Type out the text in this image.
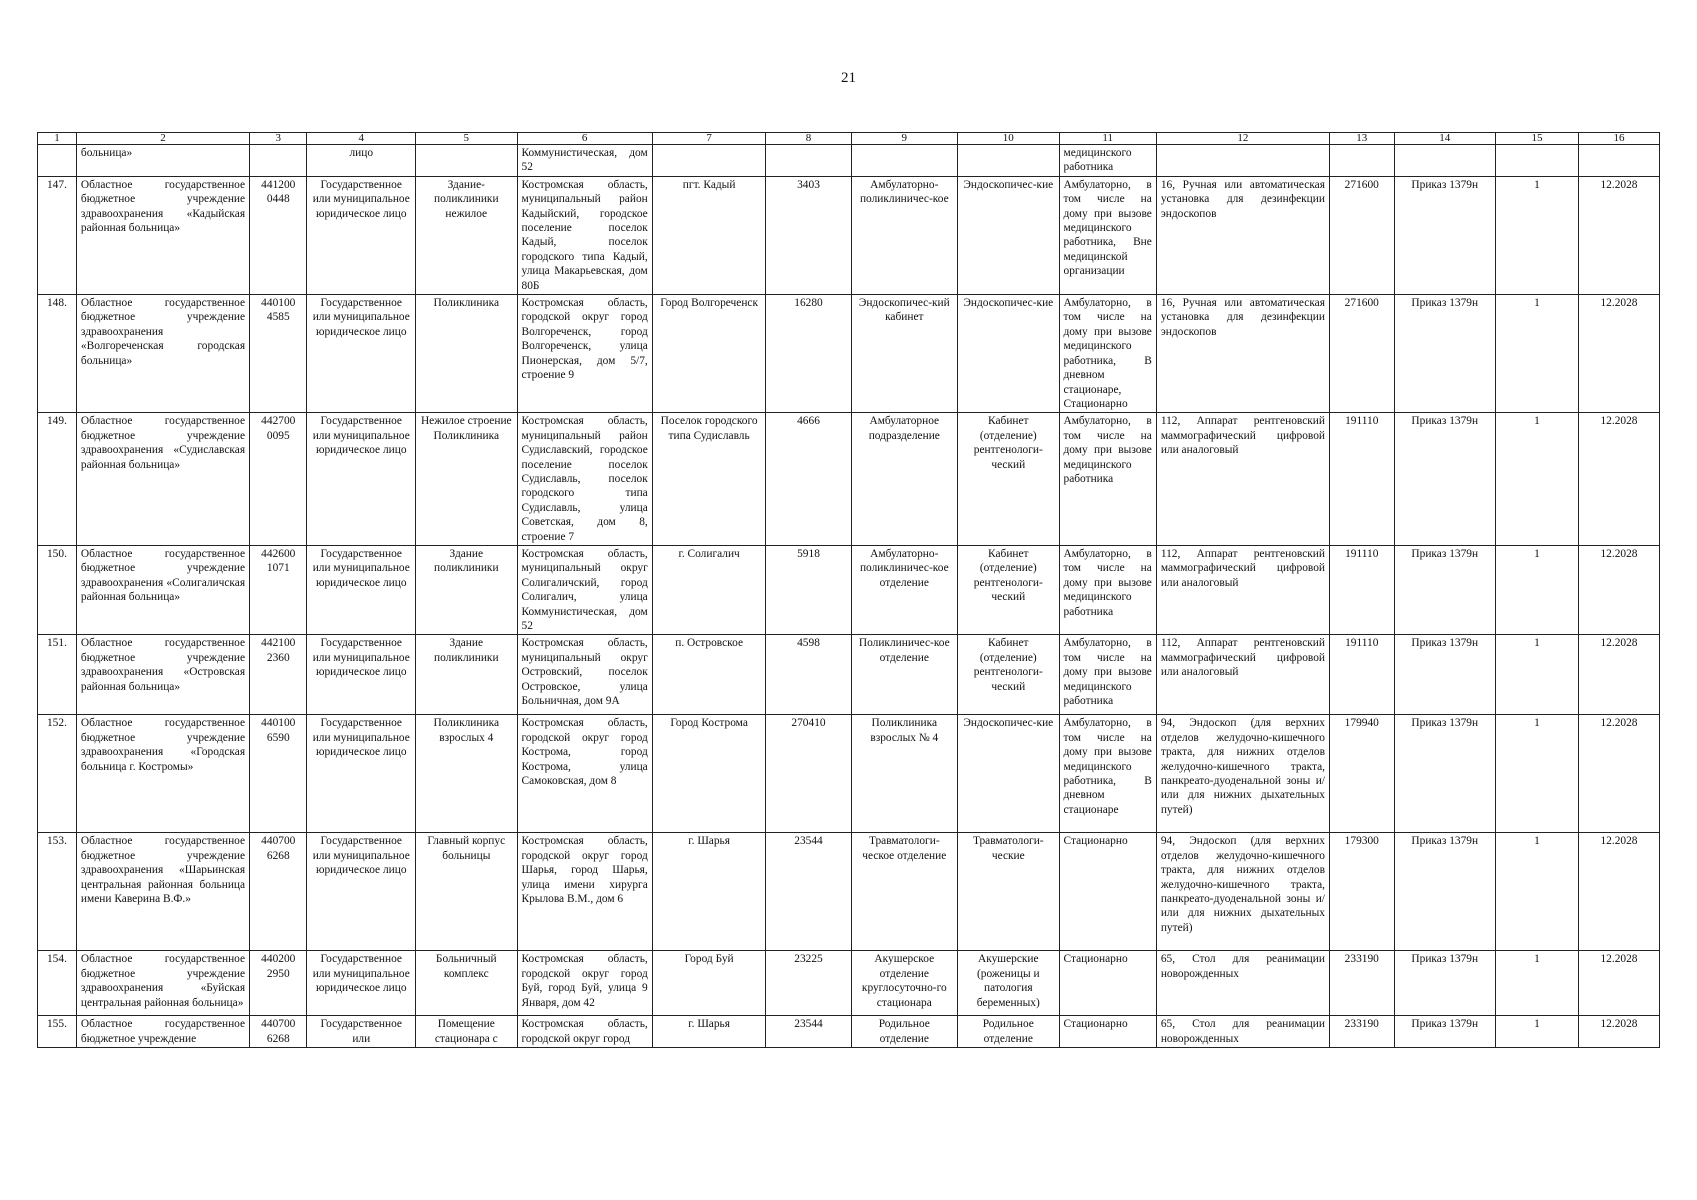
21
1	2	3	4	5	6	7	8	9	10	11	12	13	14	15	16
	больница»		лицо		Коммунистическая, дом 52					медицинского работника					
147.	Областное государственное бюджетное учреждение здравоохранения «Кадыйская районная больница»	441200 0448	Государственное или муниципальное юридическое лицо	Здание-поликлиники нежилое	Костромская область, муниципальный район Кадыйский, городское поселение поселок Кадый, поселок городского типа Кадый, улица Макарьевская, дом 80Б	пгт. Кадый	3403	Амбулаторно-поликлиничес-кое	Эндоскопичес-кие	Амбулаторно, в том числе на дому при вызове медицинского работника, Вне медицинской организации	16, Ручная или автоматическая установка для дезинфекции эндоскопов	271600	Приказ 1379н	1	12.2028
148.	Областное государственное бюджетное учреждение здравоохранения «Волгореченская городская больница»	440100 4585	Государственное или муниципальное юридическое лицо	Поликлиника	Костромская область, городской округ город Волгореченск, город Волгореченск, улица Пионерская, дом 5/7, строение 9	Город Волгореченск	16280	Эндоскопичес-кий кабинет	Эндоскопичес-кие	Амбулаторно, в том числе на дому при вызове медицинского работника, В дневном стационаре, Стационарно	16, Ручная или автоматическая установка для дезинфекции эндоскопов	271600	Приказ 1379н	1	12.2028
149.	Областное государственное бюджетное учреждение здравоохранения «Судиславская районная больница»	442700 0095	Государственное или муниципальное юридическое лицо	Нежилое строение Поликлиника	Костромская область, муниципальный район Судиславский, городское поселение поселок Судиславль, поселок городского типа Судиславль, улица Советская, дом 8, строение 7	Поселок городского типа Судиславль	4666	Амбулаторное подразделение	Кабинет (отделение) рентгенологи-ческий	Амбулаторно, в том числе на дому при вызове медицинского работника	112, Аппарат рентгеновский маммографический цифровой или аналоговый	191110	Приказ 1379н	1	12.2028
150.	Областное государственное бюджетное учреждение здравоохранения «Солигаличская районная больница»	442600 1071	Государственное или муниципальное юридическое лицо	Здание поликлиники	Костромская область, муниципальный округ Солигаличский, город Солигалич, улица Коммунистическая, дом 52	г. Солигалич	5918	Амбулаторно-поликлиничес-кое отделение	Кабинет (отделение) рентгенологи-ческий	Амбулаторно, в том числе на дому при вызове медицинского работника	112, Аппарат рентгеновский маммографический цифровой или аналоговый	191110	Приказ 1379н	1	12.2028
151.	Областное государственное бюджетное учреждение здравоохранения «Островская районная больница»	442100 2360	Государственное или муниципальное юридическое лицо	Здание поликлиники	Костромская область, муниципальный округ Островский, поселок Островское, улица Больничная, дом 9А	п. Островское	4598	Поликлиничес-кое отделение	Кабинет (отделение) рентгенологи-ческий	Амбулаторно, в том числе на дому при вызове медицинского работника	112, Аппарат рентгеновский маммографический цифровой или аналоговый	191110	Приказ 1379н	1	12.2028
152.	Областное государственное бюджетное учреждение здравоохранения «Городская больница г. Костромы»	440100 6590	Государственное или муниципальное юридическое лицо	Поликлиника взрослых 4	Костромская область, городской округ город Кострома, город Кострома, улица Самоковская, дом 8	Город Кострома	270410	Поликлиника взрослых № 4	Эндоскопичес-кие	Амбулаторно, в том числе на дому при вызове медицинского работника, В дневном стационаре	94, Эндоскоп (для верхних отделов желудочно-кишечного тракта, для нижних отделов желудочно-кишечного тракта, панкреато-дуоденальной зоны и/или для нижних дыхательных путей)	179940	Приказ 1379н	1	12.2028
153.	Областное государственное бюджетное учреждение здравоохранения «Шарьинская центральная районная больница имени Каверина В.Ф.»	440700 6268	Государственное или муниципальное юридическое лицо	Главный корпус больницы	Костромская область, городской округ город Шарья, город Шарья, улица имени хирурга Крылова В.М., дом 6	г. Шарья	23544	Травматологи-ческое отделение	Травматологи-ческие	Стационарно	94, Эндоскоп (для верхних отделов желудочно-кишечного тракта, для нижних отделов желудочно-кишечного тракта, панкреато-дуоденальной зоны и/или для нижних дыхательных путей)	179300	Приказ 1379н	1	12.2028
154.	Областное государственное бюджетное учреждение здравоохранения «Буйская центральная районная больница»	440200 2950	Государственное или муниципальное юридическое лицо	Больничный комплекс	Костромская область, городской округ город Буй, город Буй, улица 9 Января, дом 42	Город Буй	23225	Акушерское отделение круглосуточно-го стационара	Акушерские (роженицы и патология беременных)	Стационарно	65, Стол для реанимации новорожденных	233190	Приказ 1379н	1	12.2028
155.	Областное государственное бюджетное учреждение	440700 6268	Государственное или	Помещение стационара с	Костромская область, городской округ город	г. Шарья	23544	Родильное отделение	Родильное отделение	Стационарно	65, Стол для реанимации новорожденных	233190	Приказ 1379н	1	12.2028
